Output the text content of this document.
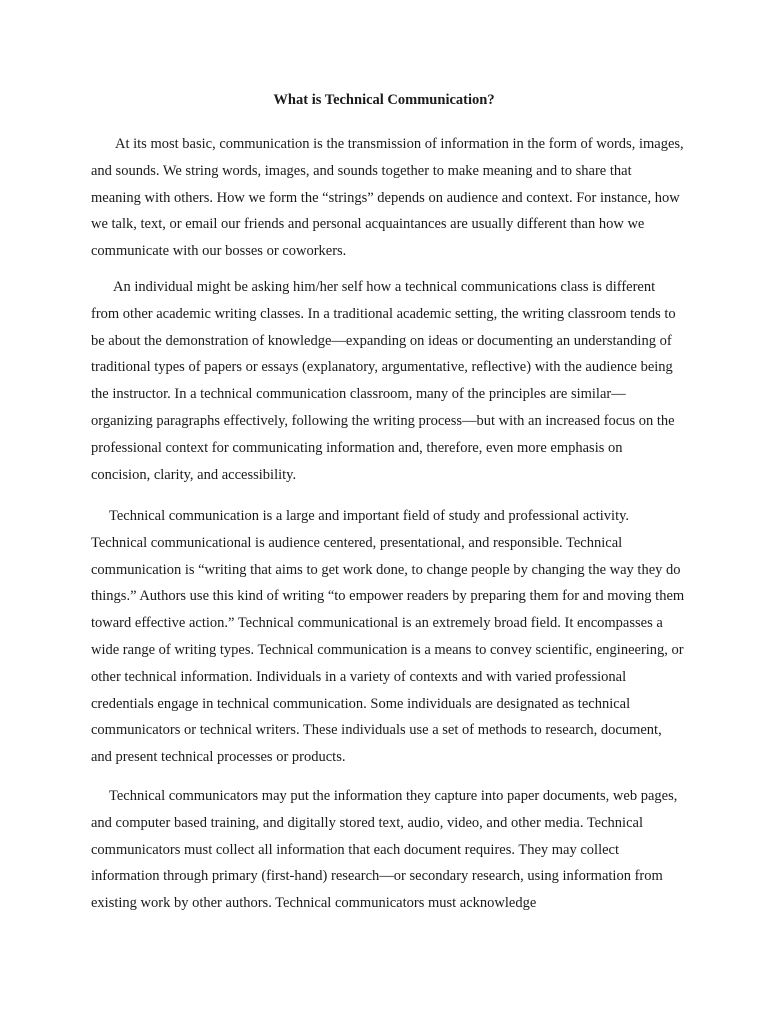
What is Technical Communication?

At its most basic, communication is the transmission of information in the form of words, images, and sounds. We string words, images, and sounds together to make meaning and to share that meaning with others. How we form the “strings” depends on audience and context. For instance, how we talk, text, or email our friends and personal acquaintances are usually different than how we communicate with our bosses or coworkers.

An individual might be asking him/her self how a technical communications class is different from other academic writing classes. In a traditional academic setting, the writing classroom tends to be about the demonstration of knowledge—expanding on ideas or documenting an understanding of traditional types of papers or essays (explanatory, argumentative, reflective) with the audience being the instructor. In a technical communication classroom, many of the principles are similar—organizing paragraphs effectively, following the writing process—but with an increased focus on the professional context for communicating information and, therefore, even more emphasis on concision, clarity, and accessibility.

Technical communication is a large and important field of study and professional activity. Technical communicational is audience centered, presentational, and responsible. Technical communication is “writing that aims to get work done, to change people by changing the way they do things.” Authors use this kind of writing “to empower readers by preparing them for and moving them toward effective action.” Technical communicational is an extremely broad field. It encompasses a wide range of writing types. Technical communication is a means to convey scientific, engineering, or other technical information. Individuals in a variety of contexts and with varied professional credentials engage in technical communication. Some individuals are designated as technical communicators or technical writers. These individuals use a set of methods to research, document, and present technical processes or products.

Technical communicators may put the information they capture into paper documents, web pages, and computer based training, and digitally stored text, audio, video, and other media. Technical communicators must collect all information that each document requires. They may collect information through primary (first-hand) research—or secondary research, using information from existing work by other authors. Technical communicators must acknowledge
